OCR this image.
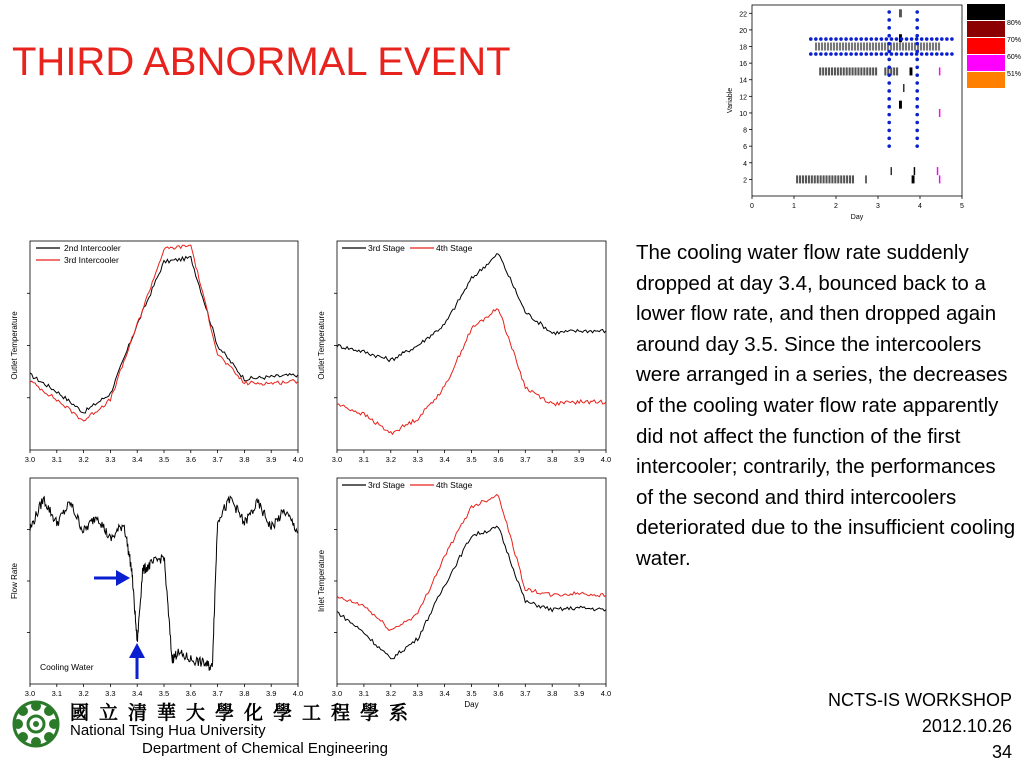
THIRD ABNORMAL EVENT
0	1	2	3	4	5
2
4
6
8
10
12
14
16
18
20
22
Day
Variable
80%
70%
60%
51%
3.0 3.1 3.2 3.3 3.4 3.5 3.6 3.7 3.8 3.9 4.0
Outlet Temperature
2nd Intercooler
3rd Intercooler
3.0 3.1 3.2 3.3 3.4 3.5 3.6 3.7 3.8 3.9 4.0
Outlet Temperature
3rd Stage	4th Stage
3.0 3.1 3.2 3.3 3.4 3.5 3.6 3.7 3.8 3.9 4.0
Flow Rate
Cooling Water
3.0 3.1 3.2 3.3 3.4 3.5 3.6 3.7 3.8 3.9 4.0
Inlet Temperature
Day
3rd Stage	4th Stage
The cooling water flow rate suddenly dropped at day 3.4, bounced back to a lower flow rate, and then dropped again around day 3.5. Since the intercoolers were arranged in a series, the decreases of the cooling water flow rate apparently did not affect the function of the first intercooler; contrarily, the performances of the second and third intercoolers deteriorated due to the insufficient cooling water.
NCTS-IS WORKSHOP
2012.10.26
34
國立清華大學化學工程學系
National Tsing Hua University
Department of Chemical Engineering
